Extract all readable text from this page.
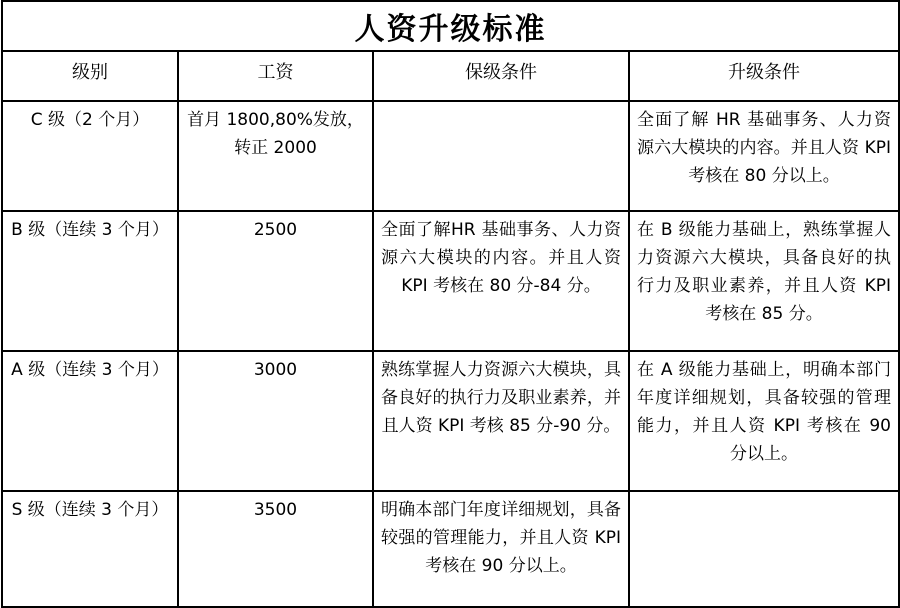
人资升级标准			
级别	工资	保级条件	升级条件

C 级（2 个月）	首月 1800,80%发放，转正 2000		全面了解 HR 基础事务、人力资源六大模块的内容。并且人资 KPI 考核在 80 分以上。

B 级（连续 3 个月）	2500	全面了解HR 基础事务、人力资源六大模块的内容。并且人资 KPI 考核在 80 分-84 分。	在 B 级能力基础上，熟练掌握人力资源六大模块，具备良好的执行力及职业素养，并且人资 KPI 考核在 85 分。

A 级（连续 3 个月）	3000	熟练掌握人力资源六大模块，具备良好的执行力及职业素养，并且人资 KPI 考核 85 分-90 分。	在 A 级能力基础上，明确本部门年度详细规划，具备较强的管理能力，并且人资 KPI 考核在 90 分以上。

S 级（连续 3 个月）	3500	明确本部门年度详细规划，具备较强的管理能力，并且人资 KPI 考核在 90 分以上。	
